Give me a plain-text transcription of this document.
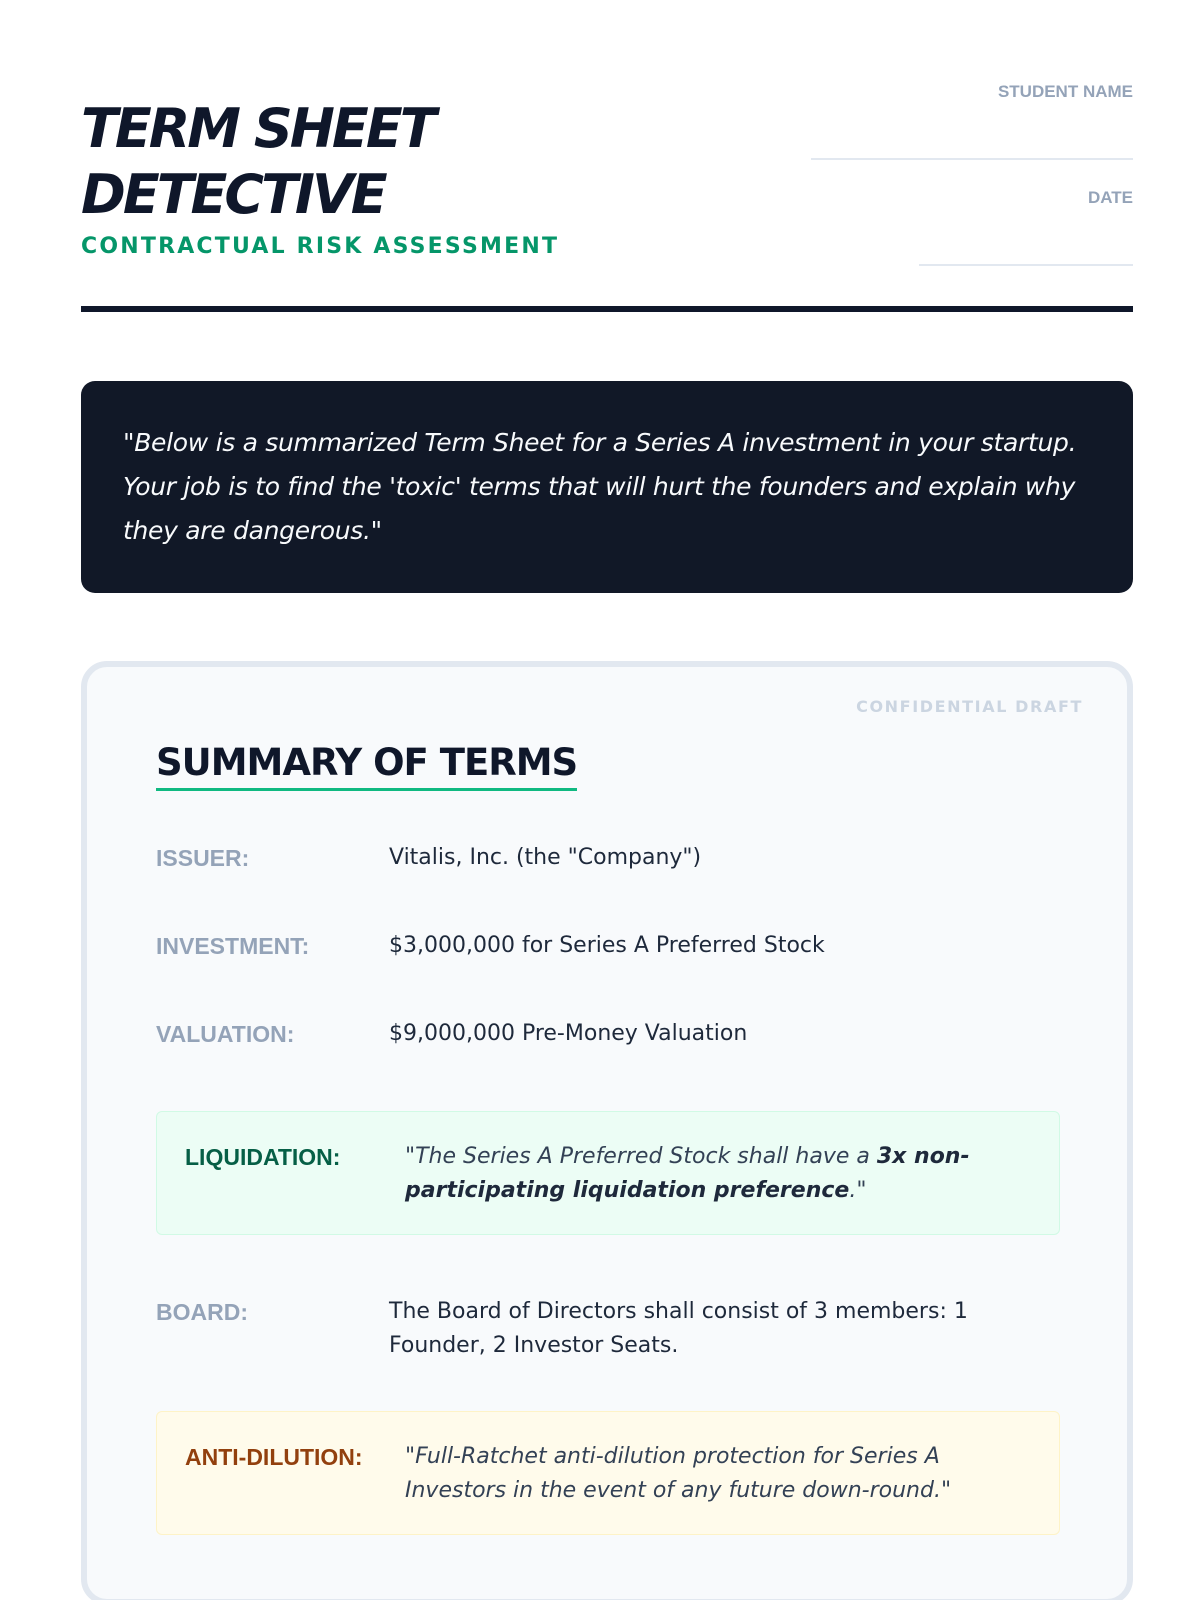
TERM SHEET
DETECTIVE
CONTRACTUAL RISK ASSESSMENT
STUDENT NAME
DATE

"Below is a summarized Term Sheet for a Series A investment in your startup. Your job is to find the 'toxic' terms that will hurt the founders and explain why they are dangerous."

CONFIDENTIAL DRAFT
SUMMARY OF TERMS
ISSUER:	Vitalis, Inc. (the "Company")
INVESTMENT:	$3,000,000 for Series A Preferred Stock
VALUATION:	$9,000,000 Pre-Money Valuation
LIQUIDATION:	"The Series A Preferred Stock shall have a 3x non-participating liquidation preference."
BOARD:	The Board of Directors shall consist of 3 members: 1 Founder, 2 Investor Seats.
ANTI-DILUTION:	"Full-Ratchet anti-dilution protection for Series A Investors in the event of any future down-round."
